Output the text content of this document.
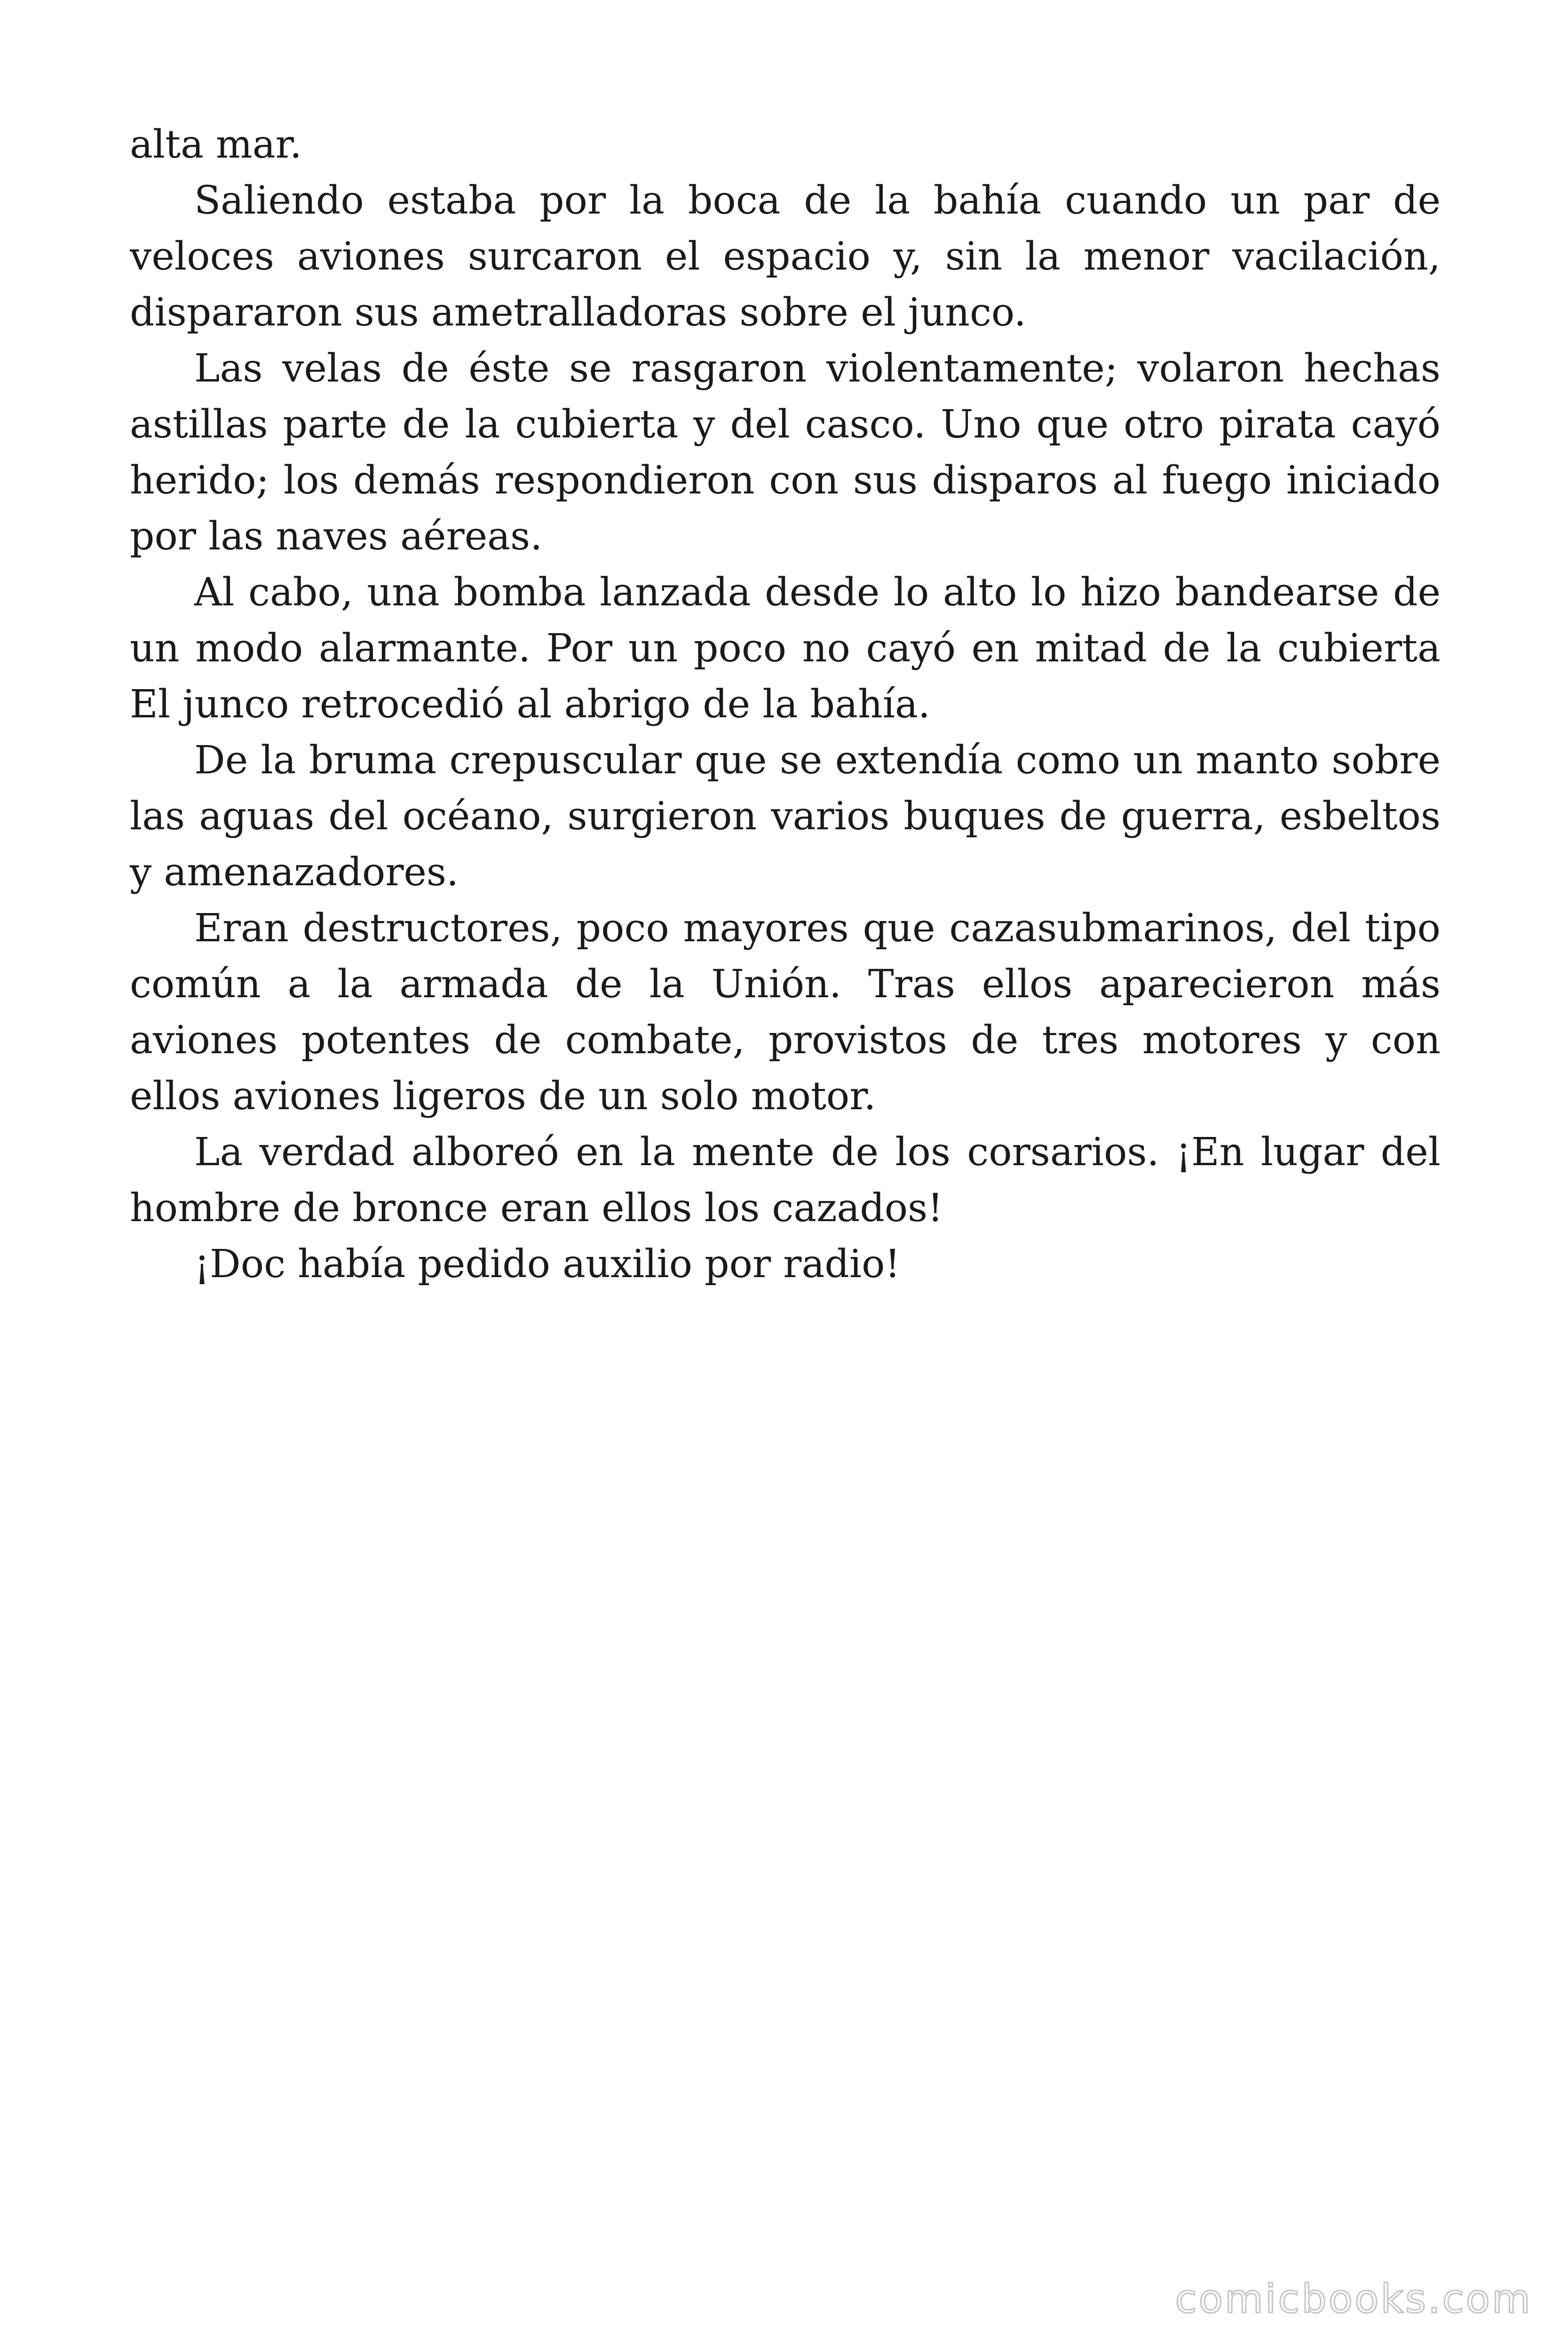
alta mar.

Saliendo estaba por la boca de la bahía cuando un par de veloces aviones surcaron el espacio y, sin la menor vacilación, dispararon sus ametralladoras sobre el junco.

Las velas de éste se rasgaron violentamente; volaron hechas astillas parte de la cubierta y del casco. Uno que otro pirata cayó herido; los demás respondieron con sus disparos al fuego iniciado por las naves aéreas.

Al cabo, una bomba lanzada desde lo alto lo hizo bandearse de un modo alarmante. Por un poco no cayó en mitad de la cubierta El junco retrocedió al abrigo de la bahía.

De la bruma crepuscular que se extendía como un manto sobre las aguas del océano, surgieron varios buques de guerra, esbeltos y amenazadores.

Eran destructores, poco mayores que cazasubmarinos, del tipo común a la armada de la Unión. Tras ellos aparecieron más aviones potentes de combate, provistos de tres motores y con ellos aviones ligeros de un solo motor.

La verdad alboreó en la mente de los corsarios. ¡En lugar del hombre de bronce eran ellos los cazados!

¡Doc había pedido auxilio por radio!

comicbooks.com
